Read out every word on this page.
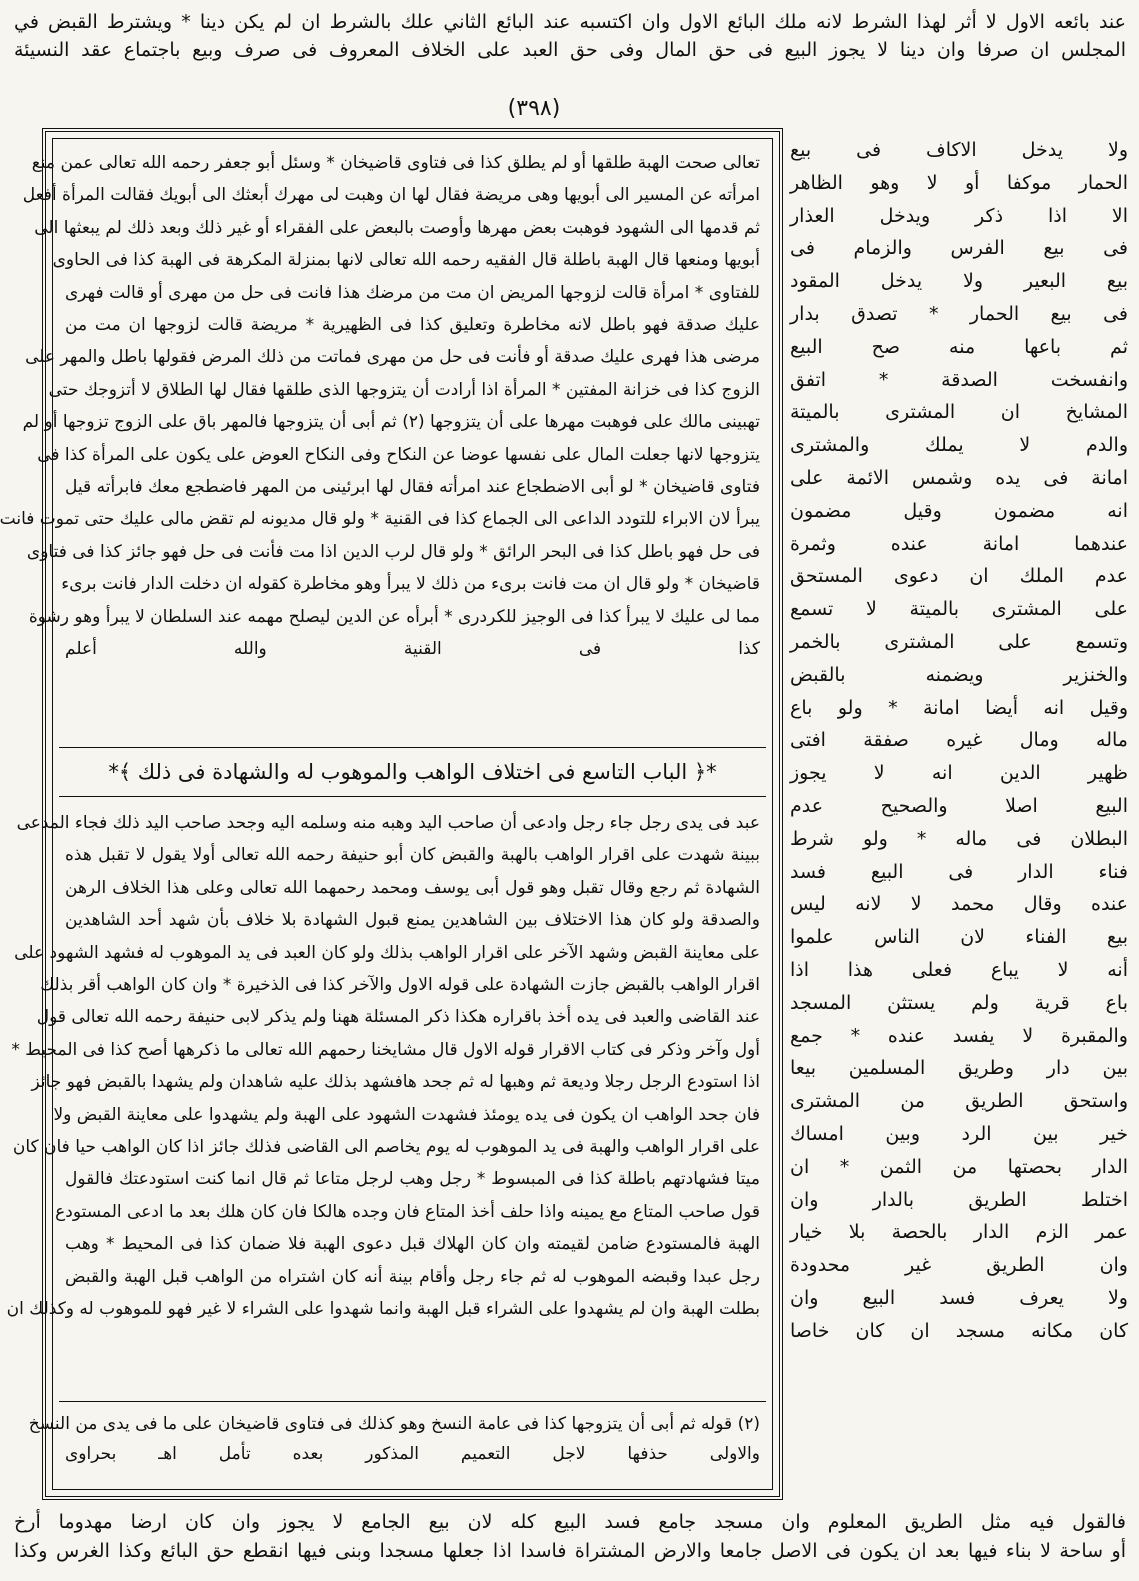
عند بائعه الاول لا أثر لهذا الشرط لانه ملك البائع الاول وان اكتسبه عند البائع الثاني علك بالشرط ان لم يكن دينا * ويشترط القبض في
المجلس ان صرفا وان دينا لا يجوز البيع فى حق المال وفى حق العبد على الخلاف المعروف فى صرف وبيع باجتماع عقد النسيئة
(٣٩٨)
تعالى صحت الهبة طلقها أو لم يطلق كذا فى فتاوى قاضيخان * وسئل أبو جعفر رحمه الله تعالى عمن منع
امرأته عن المسير الى أبويها وهى مريضة فقال لها ان وهبت لى مهرك أبعثك الى أبويك فقالت المرأة أفعل
ثم قدمها الى الشهود فوهبت بعض مهرها وأوصت بالبعض على الفقراء أو غير ذلك وبعد ذلك لم يبعثها الى
أبويها ومنعها قال الهبة باطلة قال الفقيه رحمه الله تعالى لانها بمنزلة المكرهة فى الهبة كذا فى الحاوى
للفتاوى * امرأة قالت لزوجها المريض ان مت من مرضك هذا فانت فى حل من مهرى أو قالت فهرى
عليك صدقة فهو باطل لانه مخاطرة وتعليق كذا فى الظهيرية * مريضة قالت لزوجها ان مت من
مرضى هذا فهرى عليك صدقة أو فأنت فى حل من مهرى فماتت من ذلك المرض فقولها باطل والمهر على
الزوج كذا فى خزانة المفتين * المرأة اذا أرادت أن يتزوجها الذى طلقها فقال لها الطلاق لا أتزوجك حتى
تهبينى مالك على فوهبت مهرها على أن يتزوجها (٢) ثم أبى أن يتزوجها فالمهر باق على الزوج تزوجها أو لم
يتزوجها لانها جعلت المال على نفسها عوضا عن النكاح وفى النكاح العوض على يكون على المرأة كذا فى
فتاوى قاضيخان * لو أبى الاضطجاع عند امرأته فقال لها ابرئينى من المهر فاضطجع معك فابرأته قيل
يبرأ لان الابراء للتودد الداعى الى الجماع كذا فى القنية * ولو قال مديونه لم تقض مالى عليك حتى تموت فانت
فى حل فهو باطل كذا فى البحر الرائق * ولو قال لرب الدين اذا مت فأنت فى حل فهو جائز كذا فى فتاوى
قاضيخان * ولو قال ان مت فانت برىء من ذلك لا يبرأ وهو مخاطرة كقوله ان دخلت الدار فانت برىء
مما لى عليك لا يبرأ كذا فى الوجيز للكردرى * أبرأه عن الدين ليصلح مهمه عند السلطان لا يبرأ وهو رشوة
كذا فى القنية والله أعلم
*﴿ الباب التاسع فى اختلاف الواهب والموهوب له والشهادة فى ذلك ﴾*
عبد فى يدى رجل جاء رجل وادعى أن صاحب اليد وهبه منه وسلمه اليه وجحد صاحب اليد ذلك فجاء المدعى
ببينة شهدت على اقرار الواهب بالهبة والقبض كان أبو حنيفة رحمه الله تعالى أولا يقول لا تقبل هذه
الشهادة ثم رجع وقال تقبل وهو قول أبى يوسف ومحمد رحمهما الله تعالى وعلى هذا الخلاف الرهن
والصدقة ولو كان هذا الاختلاف بين الشاهدين يمنع قبول الشهادة بلا خلاف بأن شهد أحد الشاهدين
على معاينة القبض وشهد الآخر على اقرار الواهب بذلك ولو كان العبد فى يد الموهوب له فشهد الشهود على
اقرار الواهب بالقبض جازت الشهادة على قوله الاول والآخر كذا فى الذخيرة * وان كان الواهب أقر بذلك
عند القاضى والعبد فى يده أخذ باقراره هكذا ذكر المسئلة ههنا ولم يذكر لابى حنيفة رحمه الله تعالى قول
أول وآخر وذكر فى كتاب الاقرار قوله الاول قال مشايخنا رحمهم الله تعالى ما ذكرهها أصح كذا فى المحيط *
اذا استودع الرجل رجلا وديعة ثم وهبها له ثم جحد هافشهد بذلك عليه شاهدان ولم يشهدا بالقبض فهو جائز
فان جحد الواهب ان يكون فى يده يومئذ فشهدت الشهود على الهبة ولم يشهدوا على معاينة القبض ولا
على اقرار الواهب والهبة فى يد الموهوب له يوم يخاصم الى القاضى فذلك جائز اذا كان الواهب حيا فان كان
ميتا فشهادتهم باطلة كذا فى المبسوط * رجل وهب لرجل متاعا ثم قال انما كنت استودعتك فالقول
قول صاحب المتاع مع يمينه واذا حلف أخذ المتاع فان وجده هالكا فان كان هلك بعد ما ادعى المستودع
الهبة فالمستودع ضامن لقيمته وان كان الهلاك قبل دعوى الهبة فلا ضمان كذا فى المحيط * وهب
رجل عبدا وقبضه الموهوب له ثم جاء رجل وأقام بينة أنه كان اشتراه من الواهب قبل الهبة والقبض
بطلت الهبة وان لم يشهدوا على الشراء قبل الهبة وانما شهدوا على الشراء لا غير فهو للموهوب له وكذلك ان
(٢) قوله ثم أبى أن يتزوجها كذا فى عامة النسخ وهو كذلك فى فتاوى قاضيخان على ما فى يدى من النسخ
والاولى حذفها لاجل التعميم المذكور بعده تأمل اهـ بحراوى
ولا يدخل الاكاف فى بيع
الحمار موكفا أو لا وهو الظاهر
الا اذا ذكر ويدخل العذار
فى بيع الفرس والزمام فى
بيع البعير ولا يدخل المقود
فى بيع الحمار * تصدق بدار
ثم باعها منه صح البيع
وانفسخت الصدقة * اتفق
المشايخ ان المشترى بالميتة
والدم لا يملك والمشترى
امانة فى يده وشمس الائمة على
انه مضمون وقيل مضمون
عندهما امانة عنده وثمرة
عدم الملك ان دعوى المستحق
على المشترى بالميتة لا تسمع
وتسمع على المشترى بالخمر
والخنزير ويضمنه بالقبض
وقيل انه أيضا امانة * ولو باع
ماله ومال غيره صفقة افتى
ظهير الدين انه لا يجوز
البيع اصلا والصحيح عدم
البطلان فى ماله * ولو شرط
فناء الدار فى البيع فسد
عنده وقال محمد لا لانه ليس
بيع الفناء لان الناس علموا
أنه لا يباع فعلى هذا اذا
باع قرية ولم يستثن المسجد
والمقبرة لا يفسد عنده * جمع
بين دار وطريق المسلمين بيعا
واستحق الطريق من المشترى
خير بين الرد وبين امساك
الدار بحصتها من الثمن * ان
اختلط الطريق بالدار وان
عمر الزم الدار بالحصة بلا خيار
وان الطريق غير محدودة
ولا يعرف فسد البيع وان
كان مكانه مسجد ان كان خاصا
فالقول فيه مثل الطريق المعلوم وان مسجد جامع فسد البيع كله لان بيع الجامع لا يجوز وان كان ارضا مهدوما أرخ
أو ساحة لا بناء فيها بعد ان يكون فى الاصل جامعا والارض المشتراة فاسدا اذا جعلها مسجدا وبنى فيها انقطع حق البائع وكذا الغرس وكذا
